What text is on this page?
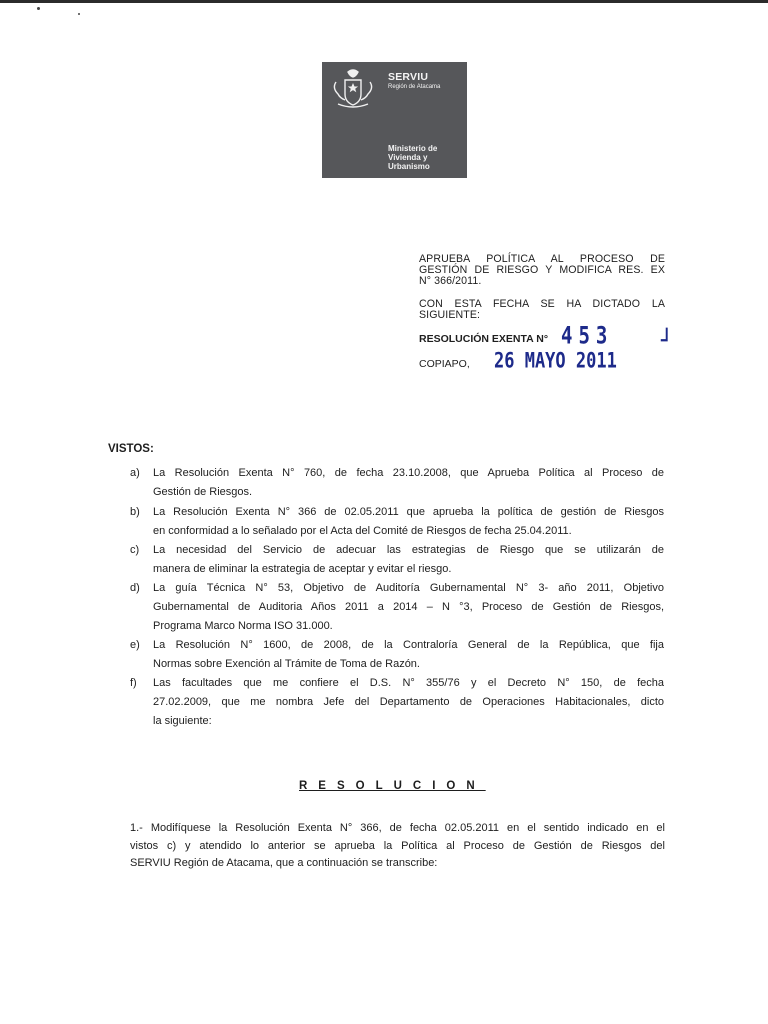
SERVIU
Región de Atacama
Ministerio de
Vivienda y
Urbanismo
APRUEBA POLÍTICA AL PROCESO DE
GESTIÓN DE RIESGO Y MODIFICA RES. EX
N° 366/2011.
CON ESTA FECHA SE HA DICTADO LA
SIGUIENTE:
RESOLUCIÓN EXENTA N° 453	⅃
COPIAPO, 26 MAYO 2011
VISTOS:
a) La Resolución Exenta N° 760, de fecha 23.10.2008, que Aprueba Política al Proceso de
Gestión de Riesgos.
b) La Resolución Exenta N° 366 de 02.05.2011 que aprueba la política de gestión de Riesgos
en conformidad a lo señalado por el Acta del Comité de Riesgos de fecha 25.04.2011.
c) La necesidad del Servicio de adecuar las estrategias de Riesgo que se utilizarán de
manera de eliminar la estrategia de aceptar y evitar el riesgo.
d) La guía Técnica N° 53, Objetivo de Auditoría Gubernamental N° 3- año 2011, Objetivo
Gubernamental de Auditoria Años 2011 a 2014 – N °3, Proceso de Gestión de Riesgos,
Programa Marco Norma ISO 31.000.
e) La Resolución N° 1600, de 2008, de la Contraloría General de la República, que fija
Normas sobre Exención al Trámite de Toma de Razón.
f) Las facultades que me confiere el D.S. N° 355/76 y el Decreto N° 150, de fecha
27.02.2009, que me nombra Jefe del Departamento de Operaciones Habitacionales, dicto
la siguiente:
RESOLUCION
1.- Modifíquese la Resolución Exenta N° 366, de fecha 02.05.2011 en el sentido indicado en el
vistos c) y atendido lo anterior se aprueba la Política al Proceso de Gestión de Riesgos del
SERVIU Región de Atacama, que a continuación se transcribe:
